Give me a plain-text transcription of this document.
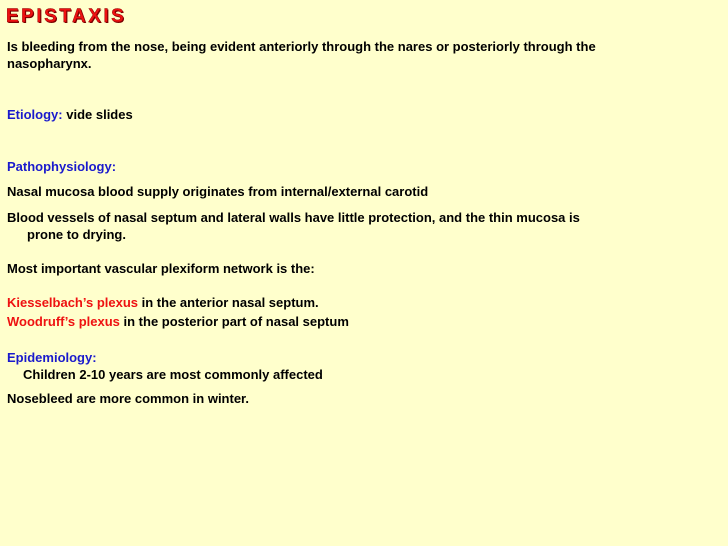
EPISTAXIS
Is bleeding from the nose, being evident anteriorly through the nares or posteriorly through the
nasopharynx.
Etiology: vide slides
Pathophysiology:
Nasal mucosa blood supply originates from internal/external carotid
Blood vessels of nasal septum and lateral walls have little protection, and the thin mucosa is
prone to drying.
Most important vascular plexiform network is the:
Kiesselbach’s plexus in the anterior nasal septum.
Woodruff’s plexus in the posterior part of nasal septum
Epidemiology:
Children 2-10 years are most commonly affected
Nosebleed are more common in winter.
